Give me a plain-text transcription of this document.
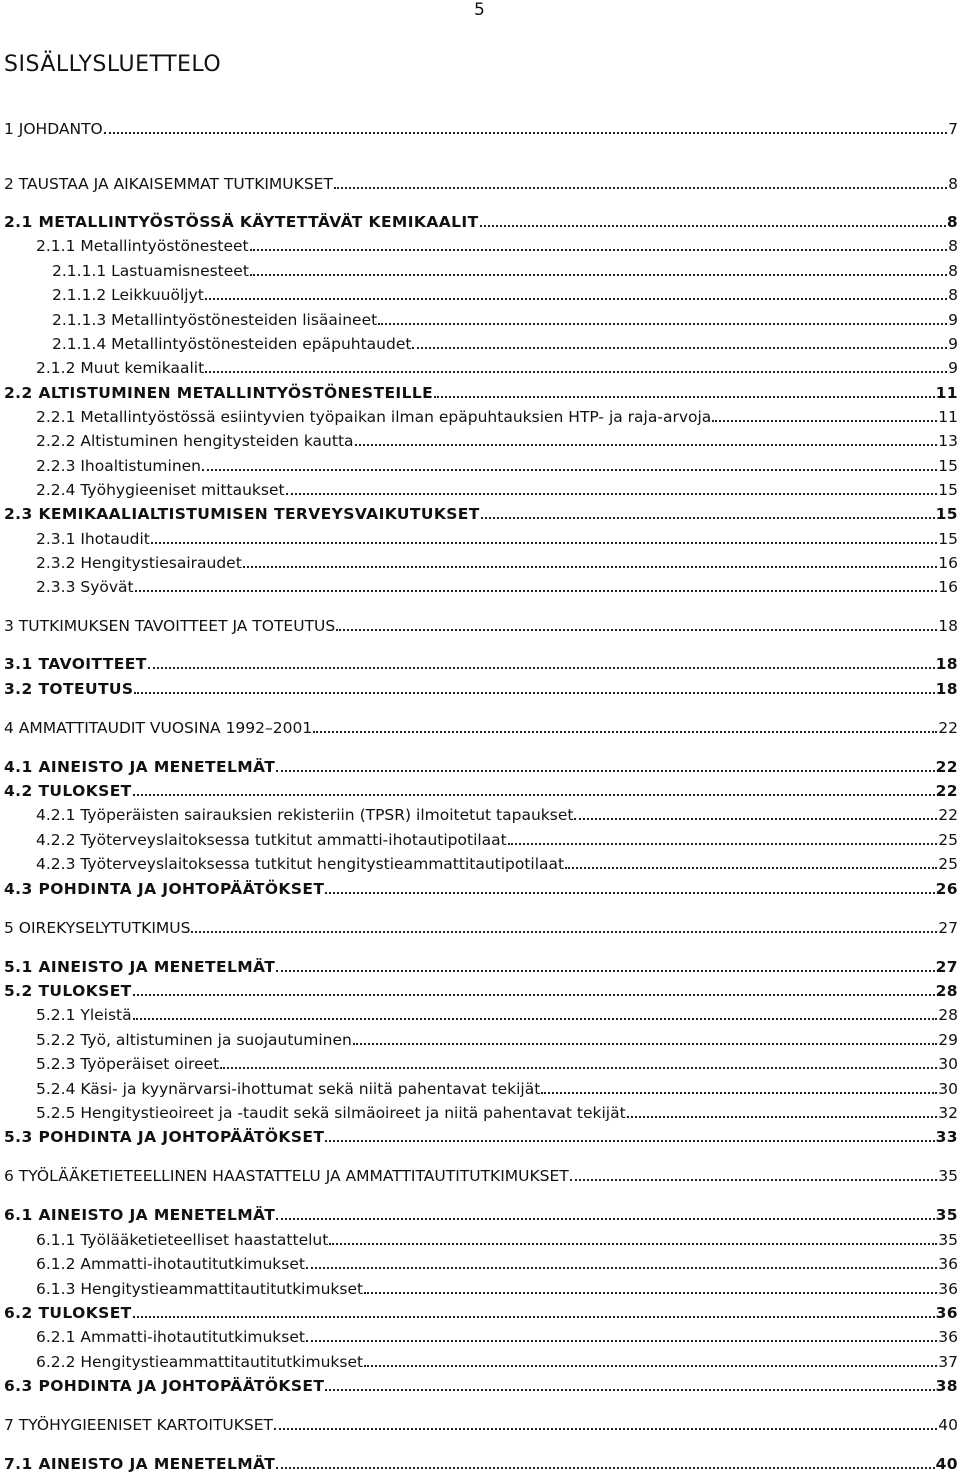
5
SISÄLLYSLUETTELO
1 JOHDANTO	7
2 TAUSTAA JA AIKAISEMMAT TUTKIMUKSET	8
2.1 METALLINTYÖSTÖSSÄ KÄYTETTÄVÄT KEMIKAALIT	8
2.1.1 Metallintyöstönesteet	8
2.1.1.1 Lastuamisnesteet	8
2.1.1.2 Leikkuuöljyt	8
2.1.1.3 Metallintyöstönesteiden lisäaineet	9
2.1.1.4 Metallintyöstönesteiden epäpuhtaudet	9
2.1.2 Muut kemikaalit	9
2.2 ALTISTUMINEN METALLINTYÖSTÖNESTEILLE	11
2.2.1 Metallintyöstössä esiintyvien työpaikan ilman epäpuhtauksien HTP- ja raja-arvoja	11
2.2.2 Altistuminen hengitysteiden kautta	13
2.2.3 Ihoaltistuminen	15
2.2.4 Työhygieeniset mittaukset	15
2.3 KEMIKAALIALTISTUMISEN TERVEYSVAIKUTUKSET	15
2.3.1 Ihotaudit	15
2.3.2 Hengitystiesairaudet	16
2.3.3 Syövät	16
3 TUTKIMUKSEN TAVOITTEET JA TOTEUTUS	18
3.1 TAVOITTEET	18
3.2 TOTEUTUS	18
4 AMMATTITAUDIT VUOSINA 1992–2001	22
4.1 AINEISTO JA MENETELMÄT	22
4.2 TULOKSET	22
4.2.1 Työperäisten sairauksien rekisteriin (TPSR) ilmoitetut tapaukset	22
4.2.2 Työterveyslaitoksessa tutkitut ammatti-ihotautipotilaat	25
4.2.3 Työterveyslaitoksessa tutkitut hengitystieammattitautipotilaat	25
4.3 POHDINTA JA JOHTOPÄÄTÖKSET	26
5 OIREKYSELYTUTKIMUS	27
5.1 AINEISTO JA MENETELMÄT	27
5.2 TULOKSET	28
5.2.1 Yleistä	28
5.2.2 Työ, altistuminen ja suojautuminen	29
5.2.3 Työperäiset oireet	30
5.2.4 Käsi- ja kyynärvarsi-ihottumat sekä niitä pahentavat tekijät	30
5.2.5 Hengitystieoireet ja -taudit sekä silmäoireet ja niitä pahentavat tekijät	32
5.3 POHDINTA JA JOHTOPÄÄTÖKSET	33
6 TYÖLÄÄKETIETEELLINEN HAASTATTELU JA AMMATTITAUTITUTKIMUKSET	35
6.1 AINEISTO JA MENETELMÄT	35
6.1.1 Työlääketieteelliset haastattelut	35
6.1.2 Ammatti-ihotautitutkimukset	36
6.1.3 Hengitystieammattitautitutkimukset	36
6.2 TULOKSET	36
6.2.1 Ammatti-ihotautitutkimukset	36
6.2.2 Hengitystieammattitautitutkimukset	37
6.3 POHDINTA JA JOHTOPÄÄTÖKSET	38
7 TYÖHYGIEENISET KARTOITUKSET	40
7.1 AINEISTO JA MENETELMÄT	40
